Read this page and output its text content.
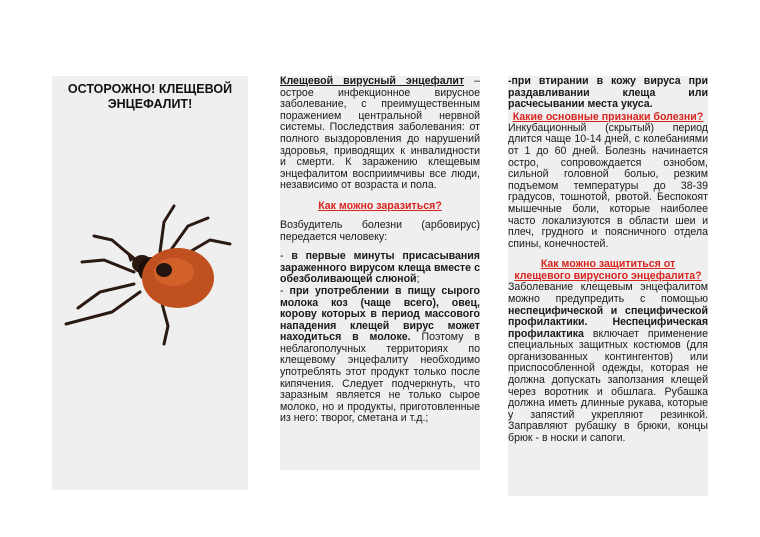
ОСТОРОЖНО! КЛЕЩЕВОЙ
ЭНЦЕФАЛИТ!

Клещевой вирусный энцефалит – острое инфекционное вирусное заболевание, с преимущественным поражением центральной нервной системы. Последствия заболевания: от полного выздоровления до нарушений здоровья, приводящих к инвалидности и смерти. К заражению клещевым энцефалитом восприимчивы все люди, независимо от возраста и пола.

Как можно заразиться?

Возбудитель болезни (арбовирус) передается человеку:

- в первые минуты присасывания зараженного вирусом клеща вместе с обезболивающей слюной;

- при употреблении в пищу сырого молока коз (чаще всего), овец, корову которых в период массового нападения клещей вирус может находиться в молоке. Поэтому в неблагополучных территориях по клещевому энцефалиту необходимо употреблять этот продукт только после кипячения. Следует подчеркнуть, что заразным является не только сырое молоко, но и продукты, приготовленные из него: творог, сметана и т.д.;

-при втирании в кожу вируса при раздавливании клеща или расчесывании места укуса.

Какие основные признаки болезни?

Инкубационный (скрытый) период длится чаще 10-14 дней, с колебаниями от 1 до 60 дней. Болезнь начинается остро, сопровождается ознобом, сильной головной болью, резким подъемом температуры до 38-39 градусов, тошнотой, рвотой. Беспокоят мышечные боли, которые наиболее часто локализуются в области шеи и плеч, грудного и поясничного отдела спины, конечностей.

Как можно защититься от
клещевого вирусного энцефалита?

Заболевание клещевым энцефалитом можно предупредить с помощью неспецифической и специфической профилактики. Неспецифическая профилактика включает применение специальных защитных костюмов (для организованных контингентов) или приспособленной одежды, которая не должна допускать заползания клещей через воротник и обшлага. Рубашка должна иметь длинные рукава, которые у запястий укрепляют резинкой. Заправляют рубашку в брюки, концы брюк - в носки и сапоги.
